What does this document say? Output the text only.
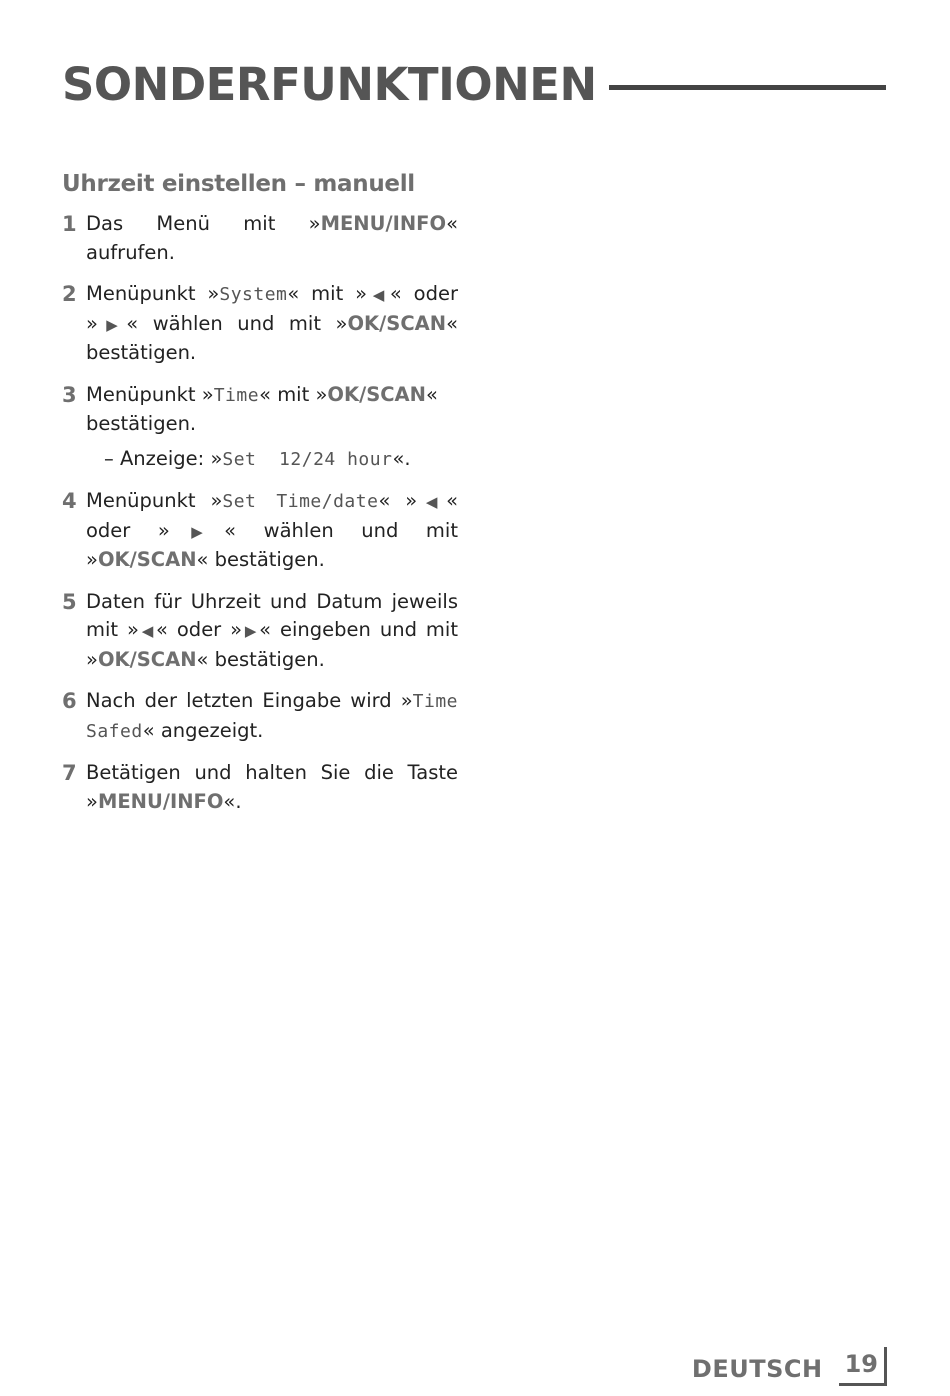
SONDERFUNKTIONEN
Uhrzeit einstellen – manuell
1 Das Menü mit »MENU/INFO« aufrufen.
2 Menüpunkt »System« mit »◀« oder »▶« wählen und mit »OK/SCAN« bestätigen.
3 Menüpunkt »Time« mit »OK/SCAN« bestätigen.
– Anzeige: »Set  12/24 hour«.
4 Menüpunkt »Set Time/date« »◀« oder »▶« wählen und mit »OK/SCAN« bestätigen.
5 Daten für Uhrzeit und Datum jeweils mit »◀« oder »▶« eingeben und mit »OK/SCAN« bestätigen.
6 Nach der letzten Eingabe wird »Time Safed« angezeigt.
7 Betätigen und halten Sie die Taste »MENU/INFO«.
DEUTSCH 19
